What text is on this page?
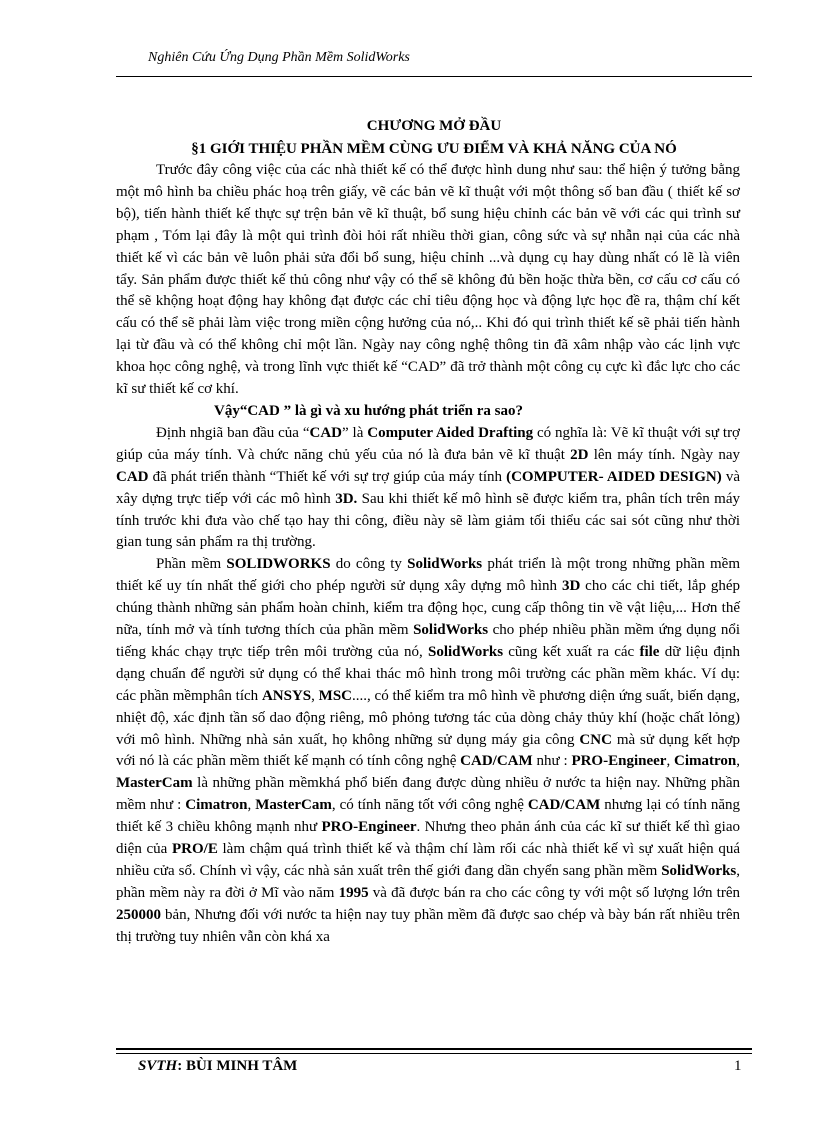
Nghiên Cứu Ứng Dụng Phần Mềm SolidWorks
CHƯƠNG MỞ ĐẦU
§1 GIỚI THIỆU PHẦN MỀM CÙNG ƯU ĐIỂM VÀ KHẢ NĂNG CỦA NÓ

Trước đây công việc của các nhà thiết kế có thể được hình dung như sau: thể hiện ý tưởng bằng một mô hình ba chiều phác hoạ trên giấy, vẽ các bản vẽ kĩ thuật với một thông số ban đầu ( thiết kế sơ bộ), tiến hành thiết kế thực sự trện bản vẽ kĩ thuật, bổ sung hiệu chỉnh các bản vẽ với các qui trình sư phạm , Tóm lại đây là một qui trình đòi hỏi rất nhiều thời gian, công sức và sự nhẫn nại của các nhà thiết kế vì các bản vẽ luôn phải sửa đổi bổ sung, hiệu chỉnh ...và dụng cụ hay dùng nhất có lẽ là viên tẩy. Sản phẩm được thiết kế thủ công như vậy có thể sẽ không đủ bền hoặc thừa bền, cơ cấu cơ cấu có thể sẽ khộng hoạt động hay không đạt được các chỉ tiêu động học và động lực học đề ra, thậm chí kết cấu có thể sẽ phải làm việc trong miền cộng hưởng của nó,.. Khi đó qui trình thiết kế sẽ phải tiến hành lại từ đầu và có thể không chỉ một lần. Ngày nay công nghệ thông tin đã xâm nhập vào các lịnh vực khoa học công nghệ, và trong lĩnh vực thiết kế “CAD” đã trở thành một công cụ cực kì đắc lực cho các kĩ sư thiết kế cơ khí.

Vậy“CAD ” là gì và xu hướng phát triển ra sao?

Định nhgiã ban đầu của “CAD” là Computer Aided Drafting có nghĩa là: Vẽ kĩ thuật với sự trợ giúp của máy tính. Và chức năng chủ yếu của nó là đưa bản vẽ kĩ thuật 2D lên máy tính. Ngày nay CAD đã phát triển thành “Thiết kế với sự trợ giúp của máy tính (COMPUTER- AIDED DESIGN) và xây dựng trực tiếp với các mô hình 3D. Sau khi thiết kế mô hình sẽ được kiểm tra, phân tích trên máy tính trước khi đưa vào chế tạo hay thi công, điều này sẽ làm giảm tối thiểu các sai sót cũng như thời gian tung sản phẩm ra thị trường.

Phần mềm SOLIDWORKS do công ty SolidWorks phát triển là một trong những phần mềm thiết kế uy tín nhất thế giới cho phép người sử dụng xây dựng mô hình 3D cho các chi tiết, lắp ghép chúng thành những sản phẩm hoàn chỉnh, kiểm tra động học, cung cấp thông tin về vật liệu,... Hơn thế nữa, tính mở và tính tương thích của phần mềm SolidWorks cho phép nhiều phần mềm ứng dụng nổi tiếng khác chạy trực tiếp trên môi trường của nó, SolidWorks cũng kết xuất ra các file dữ liệu định dạng chuẩn để người sử dụng có thể khai thác mô hình trong môi trường các phần mềm khác. Ví dụ: các phần mềmphân tích ANSYS, MSC...., có thể kiểm tra mô hình về phương diện ứng suất, biến dạng, nhiệt độ, xác định tần số dao động riêng, mô phỏng tương tác của dòng chảy thủy khí (hoặc chất lỏng) với mô hình. Những nhà sản xuất, họ không những sử dụng máy gia công CNC mà sử dụng kết hợp với nó là các phần mềm thiết kế mạnh có tính công nghệ CAD/CAM như : PRO-Engineer, Cimatron, MasterCam là những phần mềmkhá phổ biến đang được dùng nhiều ở nước ta hiện nay. Những phần mềm như : Cimatron, MasterCam, có tính năng tốt với công nghệ CAD/CAM nhưng lại có tính năng thiết kế 3 chiều không mạnh như PRO-Engineer. Nhưng theo phản ánh của các kĩ sư thiết kế thì giao diện của PRO/E làm chậm quá trình thiết kế và thậm chí làm rối các nhà thiết kế vì sự xuất hiện quá nhiều cửa sổ. Chính vì vậy, các nhà sản xuất trên thế giới đang dần chyển sang phần mềm SolidWorks, phần mềm này ra đời ở Mĩ vào năm 1995 và đã được bán ra cho các công ty với một số lượng lớn trên 250000 bản, Nhưng đối với nước ta hiện nay tuy phần mềm đã được sao chép và bày bán rất nhiều trên thị trường tuy nhiên vẫn còn khá xa

SVTH: BÙI MINH TÂM	1
